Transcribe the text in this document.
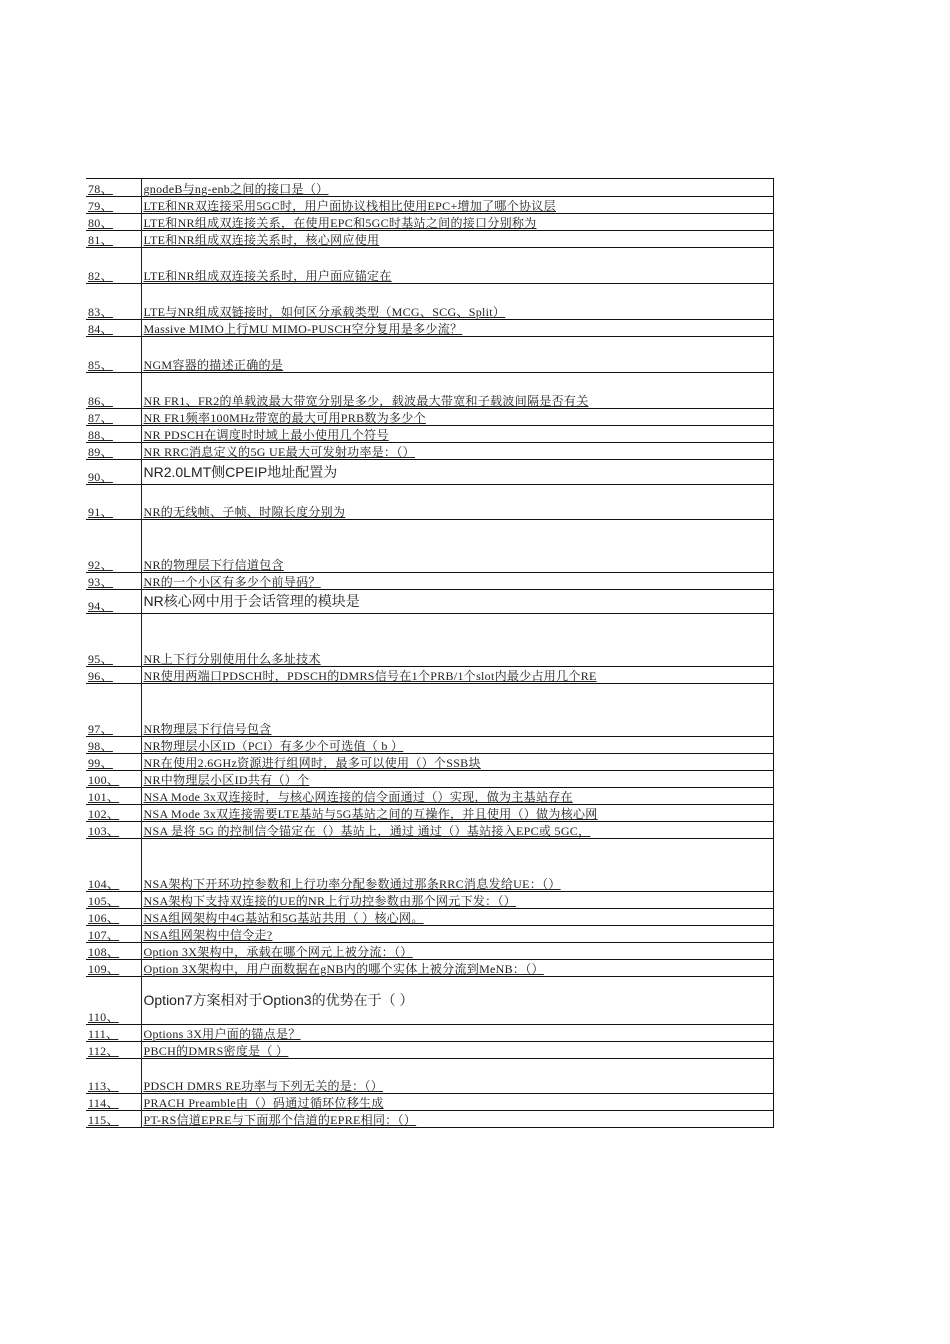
78、	gnodeB与ng-enb之间的接口是（）
79、	LTE和NR双连接采用5GC时，用户面协议栈相比使用EPC+增加了哪个协议层
80、	LTE和NR组成双连接关系，在使用EPC和5GC时基站之间的接口分别称为
81、	LTE和NR组成双连接关系时，核心网应使用
82、	LTE和NR组成双连接关系时，用户面应锚定在
83、	LTE与NR组成双链接时，如何区分承载类型（MCG、SCG、Split）
84、	Massive MIMO上行MU MIMO-PUSCH空分复用是多少流？
85、	NGM容器的描述正确的是
86、	NR FR1、FR2的单载波最大带宽分别是多少，载波最大带宽和子载波间隔是否有关
87、	NR FR1频率100MHz带宽的最大可用PRB数为多少个
88、	NR PDSCH在调度时时域上最小使用几个符号
89、	NR RRC消息定义的5G UE最大可发射功率是：（）
90、	NR2.0LMT侧CPEIP地址配置为
91、	NR的无线帧、子帧、时隙长度分别为
92、	NR的物理层下行信道包含
93、	NR的一个小区有多少个前导码？
94、	NR核心网中用于会话管理的模块是
95、	NR上下行分别使用什么多址技术
96、	NR使用两端口PDSCH时，PDSCH的DMRS信号在1个PRB/1个slot内最少占用几个RE
97、	NR物理层下行信号包含
98、	NR物理层小区ID（PCI）有多少个可选值（ b ）
99、	NR在使用2.6GHz资源进行组网时，最多可以使用（）个SSB块
100、	NR中物理层小区ID共有（）个
101、	NSA Mode 3x双连接时，与核心网连接的信令面通过（）实现，做为主基站存在
102、	NSA Mode 3x双连接需要LTE基站与5G基站之间的互操作，并且使用（）做为核心网
103、	NSA 是将 5G 的控制信令锚定在（）基站上，通过 通过（）基站接入EPC或 5GC，
104、	NSA架构下开环功控参数和上行功率分配参数通过那条RRC消息发给UE：（）
105、	NSA架构下支持双连接的UE的NR上行功控参数由那个网元下发：（）
106、	NSA组网架构中4G基站和5G基站共用（ ）核心网。
107、	NSA组网架构中信令走?
108、	Option 3X架构中，承载在哪个网元上被分流：（）
109、	Option 3X架构中，用户面数据在gNB内的哪个实体上被分流到MeNB：（）
110、	Option7方案相对于Option3的优势在于（ ）
111、	Options 3X用户面的锚点是？
112、	PBCH的DMRS密度是（ ）
113、	PDSCH DMRS RE功率与下列无关的是：（）
114、	PRACH Preamble由（）码通过循环位移生成
115、	PT-RS信道EPRE与下面那个信道的EPRE相同：（）
